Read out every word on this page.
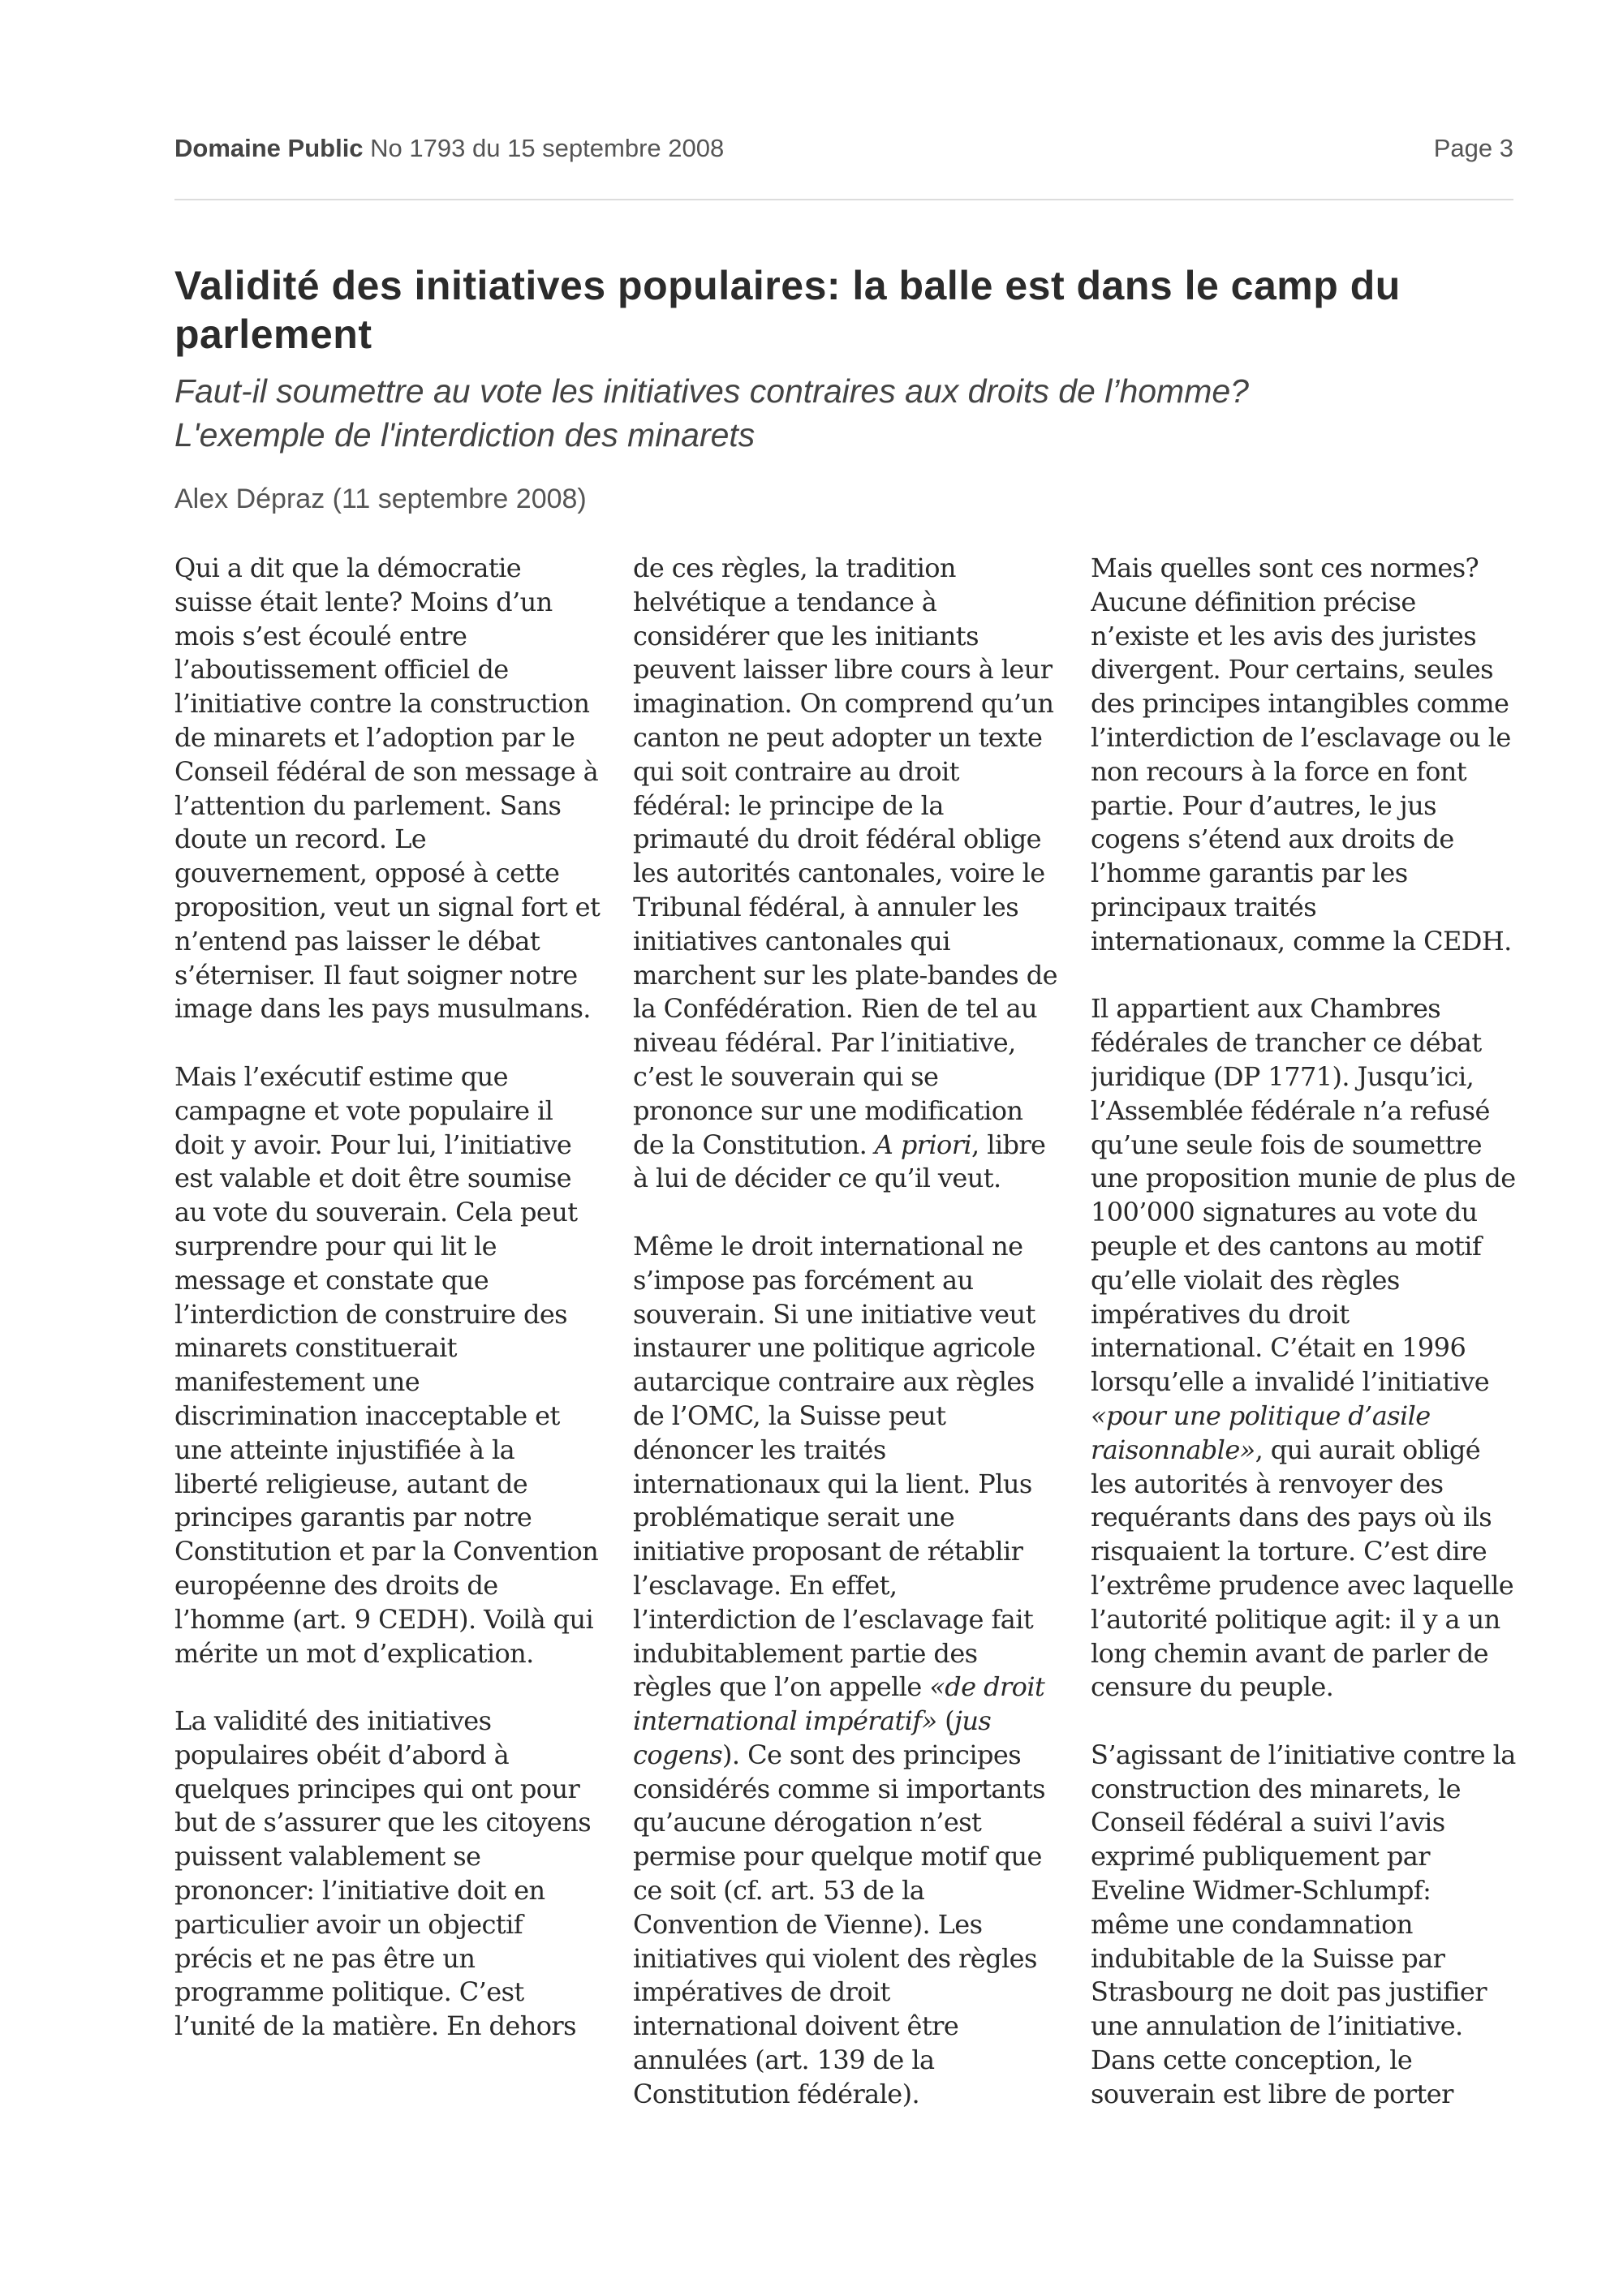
Domaine Public No 1793 du 15 septembre 2008	Page 3
Validité des initiatives populaires: la balle est dans le camp du parlement
Faut-il soumettre au vote les initiatives contraires aux droits de l’homme?
L'exemple de l'interdiction des minarets
Alex Dépraz (11 septembre 2008)

Qui a dit que la démocratie suisse était lente? Moins d’un mois s’est écoulé entre l’aboutissement officiel de l’initiative contre la construction de minarets et l’adoption par le Conseil fédéral de son message à l’attention du parlement. Sans doute un record. Le gouvernement, opposé à cette proposition, veut un signal fort et n’entend pas laisser le débat s’éterniser. Il faut soigner notre image dans les pays musulmans.

Mais l’exécutif estime que campagne et vote populaire il doit y avoir. Pour lui, l’initiative est valable et doit être soumise au vote du souverain. Cela peut surprendre pour qui lit le message et constate que l’interdiction de construire des minarets constituerait manifestement une discrimination inacceptable et une atteinte injustifiée à la liberté religieuse, autant de principes garantis par notre Constitution et par la Convention européenne des droits de l’homme (art. 9 CEDH). Voilà qui mérite un mot d’explication.

La validité des initiatives populaires obéit d’abord à quelques principes qui ont pour but de s’assurer que les citoyens puissent valablement se prononcer: l’initiative doit en particulier avoir un objectif précis et ne pas être un programme politique. C’est l’unité de la matière. En dehors

de ces règles, la tradition helvétique a tendance à considérer que les initiants peuvent laisser libre cours à leur imagination. On comprend qu’un canton ne peut adopter un texte qui soit contraire au droit fédéral: le principe de la primauté du droit fédéral oblige les autorités cantonales, voire le Tribunal fédéral, à annuler les initiatives cantonales qui marchent sur les plate-bandes de la Confédération. Rien de tel au niveau fédéral. Par l’initiative, c’est le souverain qui se prononce sur une modification de la Constitution. A priori, libre à lui de décider ce qu’il veut.

Même le droit international ne s’impose pas forcément au souverain. Si une initiative veut instaurer une politique agricole autarcique contraire aux règles de l’OMC, la Suisse peut dénoncer les traités internationaux qui la lient. Plus problématique serait une initiative proposant de rétablir l’esclavage. En effet, l’interdiction de l’esclavage fait indubitablement partie des règles que l’on appelle «de droit international impératif» (jus cogens). Ce sont des principes considérés comme si importants qu’aucune dérogation n’est permise pour quelque motif que ce soit (cf. art. 53 de la Convention de Vienne). Les initiatives qui violent des règles impératives de droit international doivent être annulées (art. 139 de la Constitution fédérale).

Mais quelles sont ces normes? Aucune définition précise n’existe et les avis des juristes divergent. Pour certains, seules des principes intangibles comme l’interdiction de l’esclavage ou le non recours à la force en font partie. Pour d’autres, le jus cogens s’étend aux droits de l’homme garantis par les principaux traités internationaux, comme la CEDH.

Il appartient aux Chambres fédérales de trancher ce débat juridique (DP 1771). Jusqu’ici, l’Assemblée fédérale n’a refusé qu’une seule fois de soumettre une proposition munie de plus de 100’000 signatures au vote du peuple et des cantons au motif qu’elle violait des règles impératives du droit international. C’était en 1996 lorsqu’elle a invalidé l’initiative «pour une politique d’asile raisonnable», qui aurait obligé les autorités à renvoyer des requérants dans des pays où ils risquaient la torture. C’est dire l’extrême prudence avec laquelle l’autorité politique agit: il y a un long chemin avant de parler de censure du peuple.

S’agissant de l’initiative contre la construction des minarets, le Conseil fédéral a suivi l’avis exprimé publiquement par Eveline Widmer-Schlumpf: même une condamnation indubitable de la Suisse par Strasbourg ne doit pas justifier une annulation de l’initiative. Dans cette conception, le souverain est libre de porter
